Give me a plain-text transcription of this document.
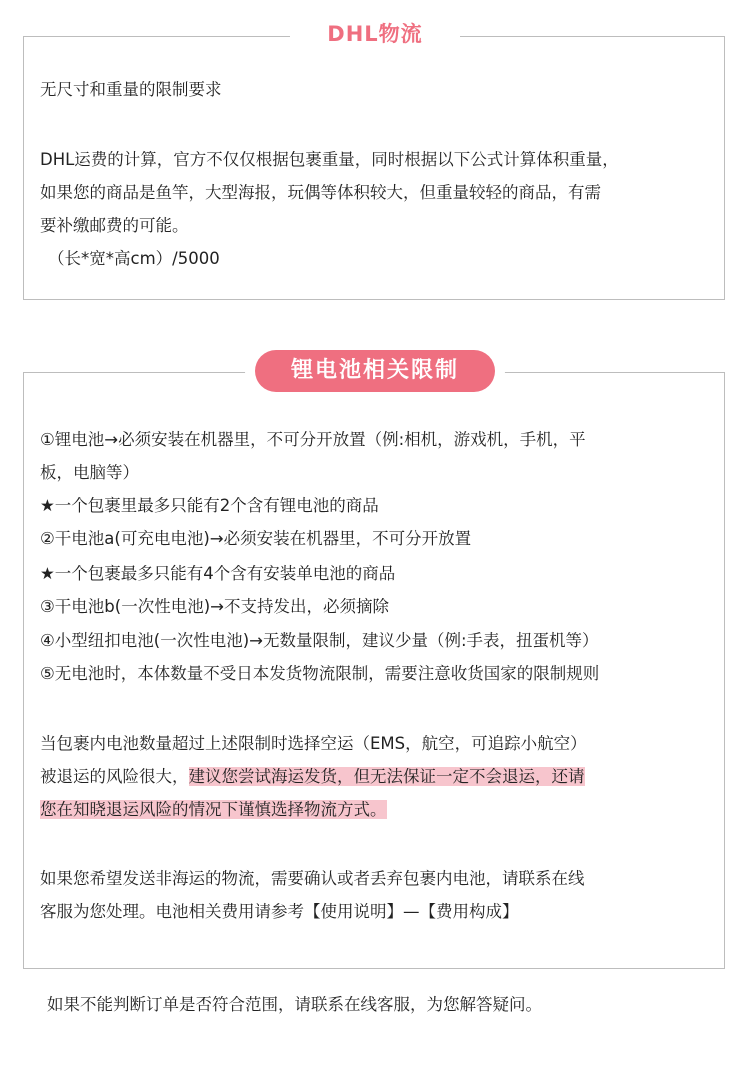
DHL物流

无尺寸和重量的限制要求

DHL运费的计算，官方不仅仅根据包裹重量，同时根据以下公式计算体积重量，

如果您的商品是鱼竿，大型海报，玩偶等体积较大，但重量较轻的商品，有需

要补缴邮费的可能。

（长*宽*高cm）/5000

锂电池相关限制

①锂电池→必须安装在机器里，不可分开放置（例:相机，游戏机，手机，平

板，电脑等）

★一个包裹里最多只能有2个含有锂电池的商品

②干电池a(可充电电池)→必须安装在机器里，不可分开放置

★一个包裹最多只能有4个含有安装单电池的商品

③干电池b(一次性电池)→不支持发出，必须摘除

④小型纽扣电池(一次性电池)→无数量限制，建议少量（例:手表，扭蛋机等）

⑤无电池时，本体数量不受日本发货物流限制，需要注意收货国家的限制规则

当包裹内电池数量超过上述限制时选择空运（EMS，航空，可追踪小航空）

被退运的风险很大，建议您尝试海运发货，但无法保证一定不会退运，还请

您在知晓退运风险的情况下谨慎选择物流方式。

如果您希望发送非海运的物流，需要确认或者丢弃包裹内电池，请联系在线

客服为您处理。电池相关费用请参考【使用说明】—【费用构成】

如果不能判断订单是否符合范围，请联系在线客服，为您解答疑问。
